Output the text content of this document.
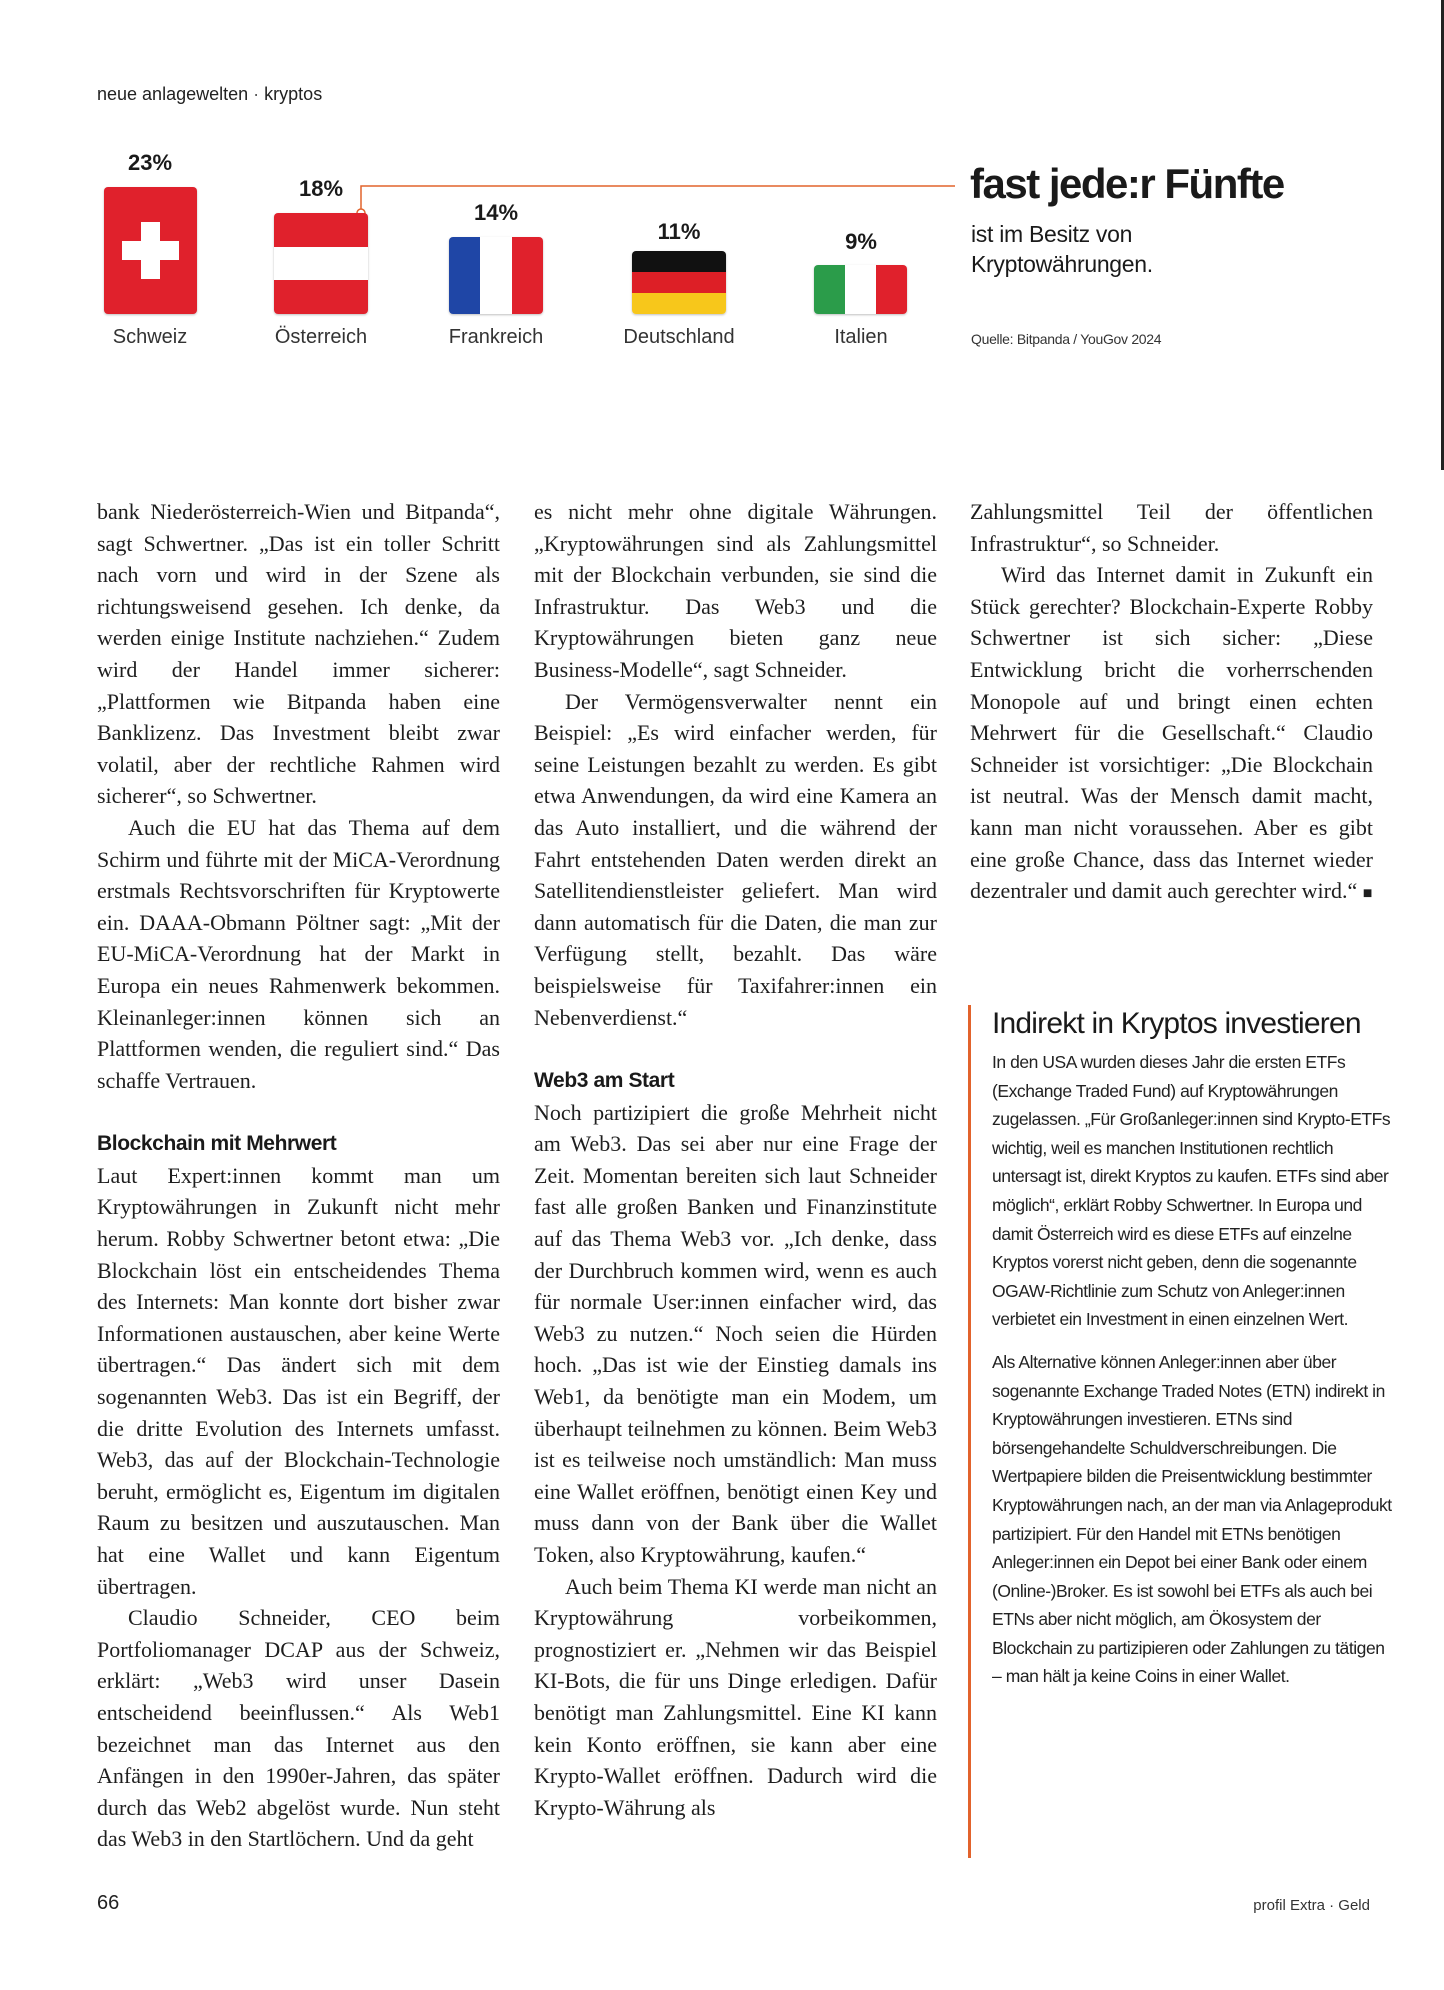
neue anlagewelten · kryptos
23%
Schweiz
18%
Österreich
14%
Frankreich
11%
Deutschland
9%
Italien
fast jede:r Fünfte
ist im Besitz von Kryptowährungen.
Quelle: Bitpanda / YouGov 2024

bank Niederösterreich-Wien und Bitpanda“, sagt Schwertner. „Das ist ein toller Schritt nach vorn und wird in der Szene als richtungsweisend gesehen. Ich denke, da werden einige Institute nachziehen.“ Zudem wird der Handel immer sicherer: „Plattformen wie Bitpanda haben eine Banklizenz. Das Investment bleibt zwar volatil, aber der rechtliche Rahmen wird sicherer“, so Schwertner.

Auch die EU hat das Thema auf dem Schirm und führte mit der MiCA-Verordnung erstmals Rechtsvorschriften für Kryptowerte ein. DAAA-Obmann Pöltner sagt: „Mit der EU-MiCA-Verordnung hat der Markt in Europa ein neues Rahmenwerk bekommen. Kleinanleger:innen können sich an Plattformen wenden, die reguliert sind.“ Das schaffe Vertrauen.

Blockchain mit Mehrwert

Laut Expert:innen kommt man um Kryptowährungen in Zukunft nicht mehr herum. Robby Schwertner betont etwa: „Die Blockchain löst ein entscheidendes Thema des Internets: Man konnte dort bisher zwar Informationen austauschen, aber keine Werte übertragen.“ Das ändert sich mit dem sogenannten Web3. Das ist ein Begriff, der die dritte Evolution des Internets umfasst. Web3, das auf der Blockchain-Technologie beruht, ermöglicht es, Eigentum im digitalen Raum zu besitzen und auszutauschen. Man hat eine Wallet und kann Eigentum übertragen.

Claudio Schneider, CEO beim Portfoliomanager DCAP aus der Schweiz, erklärt: „Web3 wird unser Dasein entscheidend beeinflussen.“ Als Web1 bezeichnet man das Internet aus den Anfängen in den 1990er-Jahren, das später durch das Web2 abgelöst wurde. Nun steht das Web3 in den Startlöchern. Und da geht

es nicht mehr ohne digitale Währungen. „Kryptowährungen sind als Zahlungsmittel mit der Blockchain verbunden, sie sind die Infrastruktur. Das Web3 und die Kryptowährungen bieten ganz neue Business-Modelle“, sagt Schneider.

Der Vermögensverwalter nennt ein Beispiel: „Es wird einfacher werden, für seine Leistungen bezahlt zu werden. Es gibt etwa Anwendungen, da wird eine Kamera an das Auto installiert, und die während der Fahrt entstehenden Daten werden direkt an Satellitendienstleister geliefert. Man wird dann automatisch für die Daten, die man zur Verfügung stellt, bezahlt. Das wäre beispielsweise für Taxifahrer:innen ein Nebenverdienst.“

Web3 am Start

Noch partizipiert die große Mehrheit nicht am Web3. Das sei aber nur eine Frage der Zeit. Momentan bereiten sich laut Schneider fast alle großen Banken und Finanzinstitute auf das Thema Web3 vor. „Ich denke, dass der Durchbruch kommen wird, wenn es auch für normale User:innen einfacher wird, das Web3 zu nutzen.“ Noch seien die Hürden hoch. „Das ist wie der Einstieg damals ins Web1, da benötigte man ein Modem, um überhaupt teilnehmen zu können. Beim Web3 ist es teilweise noch umständlich: Man muss eine Wallet eröffnen, benötigt einen Key und muss dann von der Bank über die Wallet Token, also Kryptowährung, kaufen.“

Auch beim Thema KI werde man nicht an Kryptowährung vorbeikommen, prognostiziert er. „Nehmen wir das Beispiel KI-Bots, die für uns Dinge erledigen. Dafür benötigt man Zahlungsmittel. Eine KI kann kein Konto eröffnen, sie kann aber eine Krypto-Wallet eröffnen. Dadurch wird die Krypto-Währung als

Zahlungsmittel Teil der öffentlichen Infrastruktur“, so Schneider.

Wird das Internet damit in Zukunft ein Stück gerechter? Blockchain-Experte Robby Schwertner ist sich sicher: „Diese Entwicklung bricht die vorherrschenden Monopole auf und bringt einen echten Mehrwert für die Gesellschaft.“ Claudio Schneider ist vorsichtiger: „Die Blockchain ist neutral. Was der Mensch damit macht, kann man nicht voraussehen. Aber es gibt eine große Chance, dass das Internet wieder dezentraler und damit auch gerechter wird.“ ■

Indirekt in Kryptos investieren

In den USA wurden dieses Jahr die ersten ETFs (Exchange Traded Fund) auf Kryptowährungen zugelassen. „Für Großanleger:innen sind Krypto-ETFs wichtig, weil es manchen Institutionen rechtlich untersagt ist, direkt Kryptos zu kaufen. ETFs sind aber möglich“, erklärt Robby Schwertner. In Europa und damit Österreich wird es diese ETFs auf einzelne Kryptos vorerst nicht geben, denn die sogenannte OGAW-Richtlinie zum Schutz von Anleger:innen verbietet ein Investment in einen einzelnen Wert.

Als Alternative können Anleger:innen aber über sogenannte Exchange Traded Notes (ETN) indirekt in Kryptowährungen investieren. ETNs sind börsengehandelte Schuldverschreibungen. Die Wertpapiere bilden die Preisentwicklung bestimmter Kryptowährungen nach, an der man via Anlageprodukt partizipiert. Für den Handel mit ETNs benötigen Anleger:innen ein Depot bei einer Bank oder einem (Online-)Broker. Es ist sowohl bei ETFs als auch bei ETNs aber nicht möglich, am Ökosystem der Blockchain zu partizipieren oder Zahlungen zu tätigen – man hält ja keine Coins in einer Wallet.

66	profil Extra · Geld
